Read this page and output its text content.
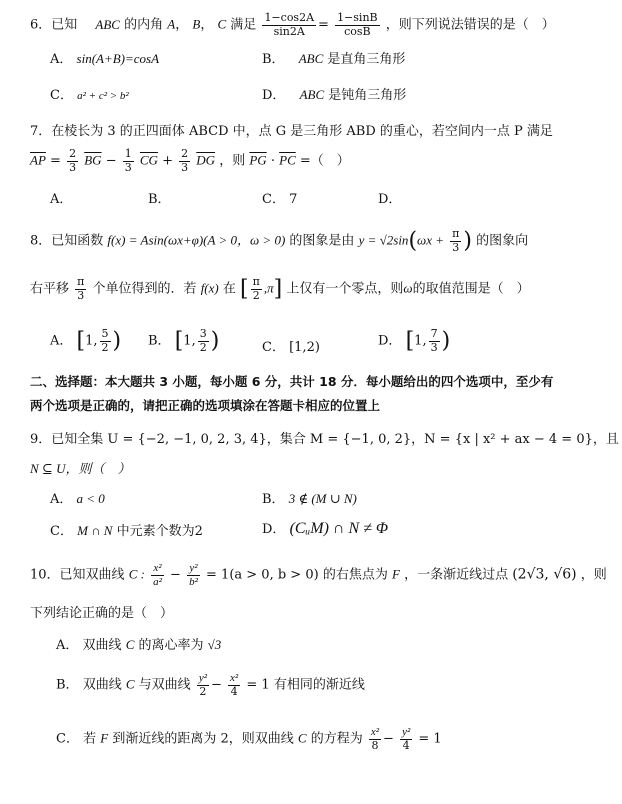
6．已知 ABC 的内角 A， B， C 满足 $\frac{1-\cos 2A}{\sin 2A} = \frac{1-\sin B}{\cos B}$ ，则下列说法错误的是（　）
A． sin(A+B)=cosA	B． ABC 是直角三角形
C． a² + c² > b²	D． ABC 是钝角三角形
7．在棱长为 3 的正四面体 ABCD 中，点 G 是三角形 ABD 的重心，若空间内一点 P 满足
$\overline{AP} = \frac{2}{3} \overline{BG} - \frac{1}{3} \overline{CG} + \frac{2}{3} \overline{DG}$ ，则 $\overline{PG} \cdot \overline{PC}$ =（　）
A．	B．	C． 7	D．
8．已知函数 f(x) = Asin(ωx+φ)(A > 0，ω > 0) 的图象是由 $y = √2\sin(\omega x + \frac{\pi}{3}$ ) 的图象向
右平移 $\frac{\pi}{3}$ 个单位得到的．若 f(x) 在 [ $\frac{\pi}{2} ,\pi$] 上仅有一个零点，则ω的取值范围是（　）
A． [1, $\frac{5}{2}$ ) B． [1, $\frac{3}{2}$ )	C． [1,2)	D． [1, $\frac{7}{3}$ )
二、选择题：本大题共 3 小题，每小题 6 分，共计 18 分．每小题给出的四个选项中，至少有
两个选项是正确的，请把正确的选项填涂在答题卡相应的位置上
9．已知全集 U = {−2, −1, 0, 2, 3, 4}，集合 M = {−1, 0, 2}，N = {x | x² + ax − 4 = 0}，且
N ⊆ U，则（　）
A． a < 0	B． 3 ∉ (M ∪ N)
C． M ∩ N 中元素个数为2	D． (CᵤM) ∩ N ≠ Φ
10．已知双曲线 C : $\frac{\text{x²}}{\text{a²}} - \frac{\text{y²}}{\text{b²}} = 1(a > 0$, b > 0) 的右焦点为 F ，一条渐近线过点 (2√3, √6) ，则
下列结论正确的是（　）
A． 双曲线 C 的离心率为 √3
B． 双曲线 C 与双曲线 $\frac{\text{y²}}{2} - \frac{\text{x²}}{4} = 1$ 有相同的渐近线
C． 若 F 到渐近线的距离为 2，则双曲线 C 的方程为 $\frac{\text{x²}}{8} - \frac{\text{y²}}{4} = 1$
